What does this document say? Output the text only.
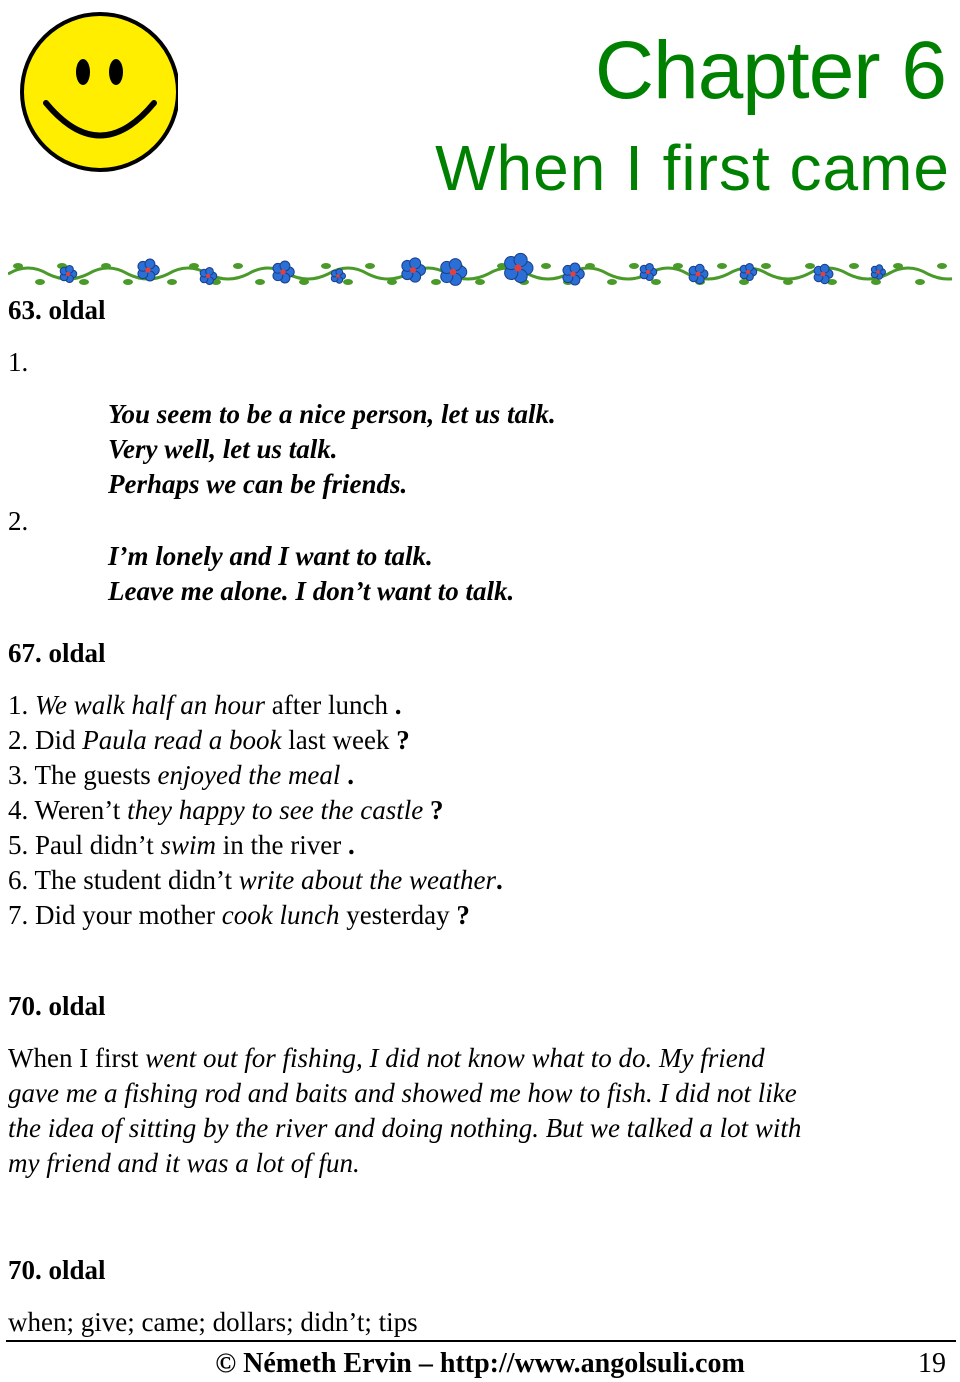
Chapter 6
When I first came
63. oldal
1.
You seem to be a nice person, let us talk.
Very well, let us talk.
Perhaps we can be friends.
2.
I’m lonely and I want to talk.
Leave me alone. I don’t want to talk.
67. oldal
1. We walk half an hour after lunch .
2. Did Paula read a book last week ?
3. The guests enjoyed the meal .
4. Weren’t they happy to see the castle ?
5. Paul didn’t swim in the river .
6. The student didn’t write about the weather.
7. Did your mother cook lunch yesterday ?
70. oldal
When I first went out for fishing, I did not know what to do. My friend
gave me a fishing rod and baits and showed me how to fish. I did not like
the idea of sitting by the river and doing nothing. But we talked a lot with
my friend and it was a lot of fun.
70. oldal
when; give; came; dollars; didn’t; tips
© Németh Ervin – http://www.angolsuli.com	19
